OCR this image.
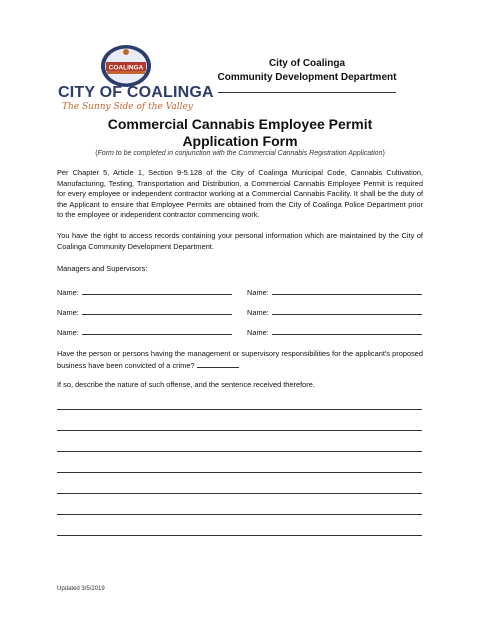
COALINGA
CITY OF COALINGA
The Sunny Side of the Valley
City of Coalinga
Community Development Department
Commercial Cannabis Employee Permit
Application Form
(Form to be completed in conjunction with the Commercial Cannabis Registration Application)
Per Chapter 5, Article 1, Section 9-5.128 of the City of Coalinga Municipal Code, Cannabis Cultivation, Manufacturing, Testing, Transportation and Distribution, a Commercial Cannabis Employee Permit is required for every employee or independent contractor working at a Commercial Cannabis Facility. It shall be the duty of the Applicant to ensure that Employee Permits are obtained from the City of Coalinga Police Department prior to the employee or independent contractor commencing work.
You have the right to access records containing your personal information which are maintained by the City of Coalinga Community Development Department.
Managers and Supervisors:
Name:	Name:
Name:	Name:
Name:	Name:
Have the person or persons having the management or supervisory responsibilities for the applicant's proposed business have been convicted of a crime?
If so, describe the nature of such offense, and the sentence received therefore.
Updated 3/5/2019
